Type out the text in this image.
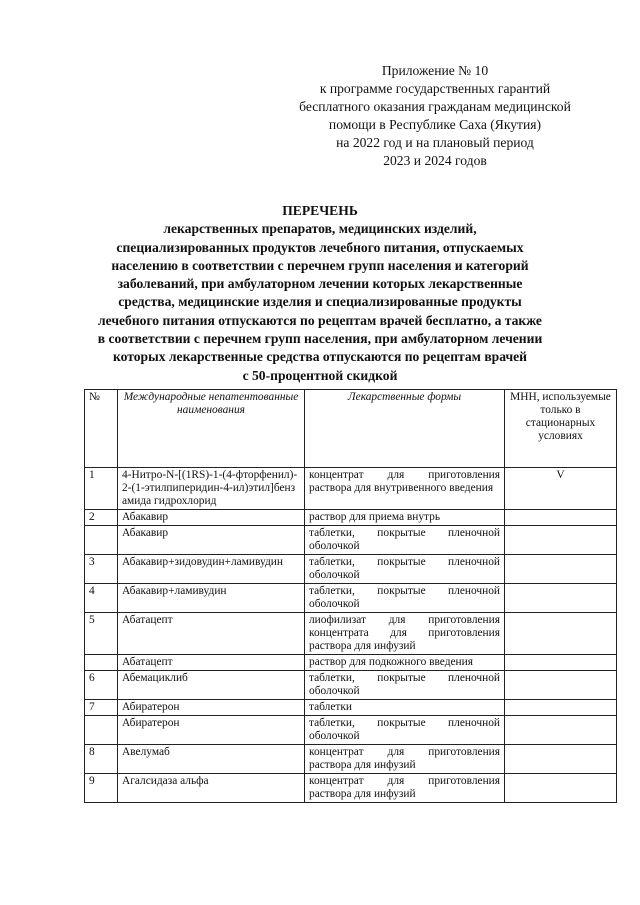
Приложение № 10
к программе государственных гарантий
бесплатного оказания гражданам медицинской
помощи в Республике Саха (Якутия)
на 2022 год и на плановый период
2023 и 2024 годов
ПЕРЕЧЕНЬ
лекарственных препаратов, медицинских изделий,
специализированных продуктов лечебного питания, отпускаемых
населению в соответствии с перечнем групп населения и категорий
заболеваний, при амбулаторном лечении которых лекарственные
средства, медицинские изделия и специализированные продукты
лечебного питания отпускаются по рецептам врачей бесплатно, а также
в соответствии с перечнем групп населения, при амбулаторном лечении
которых лекарственные средства отпускаются по рецептам врачей
с 50-процентной скидкой
№	Международные непатентованные наименования	Лекарственные формы	МНН, используемые только в стационарных условиях
1	4-Нитро-N-[(1RS)-1-(4-фторфенил)-2-(1-этилпиперидин-4-ил)этил]бензамида гидрохлорид	концентрат для приготовления раствора для внутривенного введения	V
2	Абакавир	раствор для приема внутрь	
	Абакавир	таблетки, покрытые пленочной оболочкой	
3	Абакавир+зидовудин+ламивудин	таблетки, покрытые пленочной оболочкой	
4	Абакавир+ламивудин	таблетки, покрытые пленочной оболочкой	
5	Абатацепт	лиофилизат для приготовления концентрата для приготовления раствора для инфузий	
	Абатацепт	раствор для подкожного введения	
6	Абемациклиб	таблетки, покрытые пленочной оболочкой	
7	Абиратерон	таблетки	
	Абиратерон	таблетки, покрытые пленочной оболочкой	
8	Авелумаб	концентрат для приготовления раствора для инфузий	
9	Агалсидаза альфа	концентрат для приготовления раствора для инфузий	
